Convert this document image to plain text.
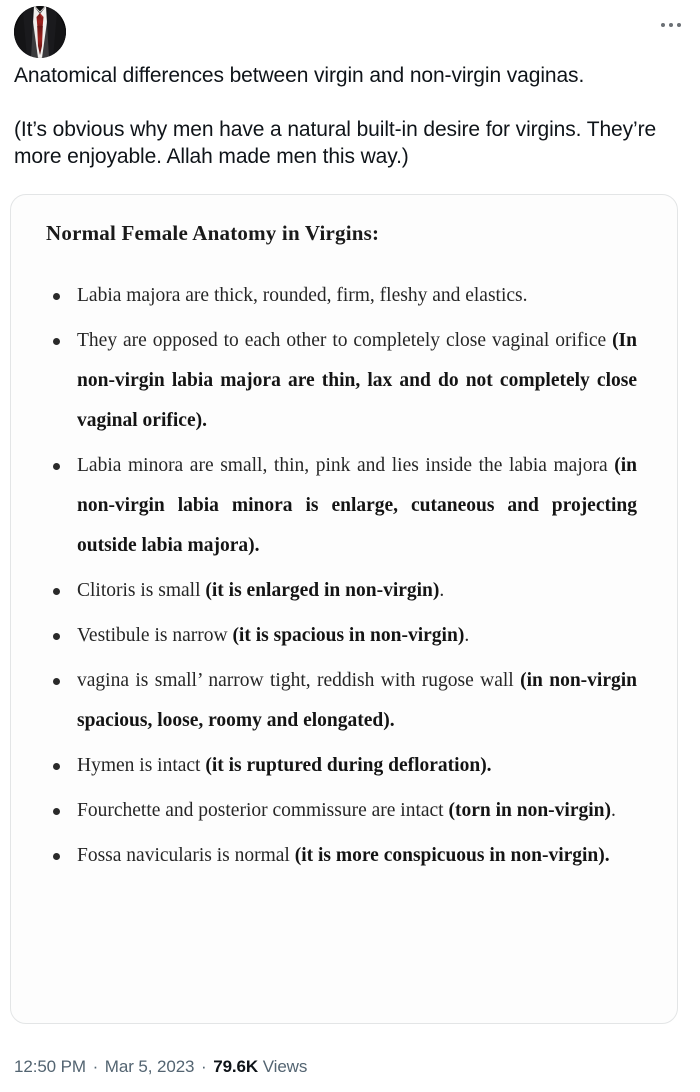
Anatomical differences between virgin and non-virgin vaginas.

(It’s obvious why men have a natural built-in desire for virgins. They’re more enjoyable. Allah made men this way.)

Normal Female Anatomy in Virgins:
Labia majora are thick, rounded, firm, fleshy and elastics.
They are opposed to each other to completely close vaginal orifice (In non-virgin labia majora are thin, lax and do not completely close vaginal orifice).
Labia minora are small, thin, pink and lies inside the labia majora (in non-virgin labia minora is enlarge, cutaneous and projecting outside labia majora).
Clitoris is small (it is enlarged in non-virgin).
Vestibule is narrow (it is spacious in non-virgin).
vagina is small’ narrow tight, reddish with rugose wall (in non-virgin spacious, loose, roomy and elongated).
Hymen is intact (it is ruptured during defloration).
Fourchette and posterior commissure are intact (torn in non-virgin).
Fossa navicularis is normal (it is more conspicuous in non-virgin).
12:50 PM · Mar 5, 2023 · 79.6K Views
